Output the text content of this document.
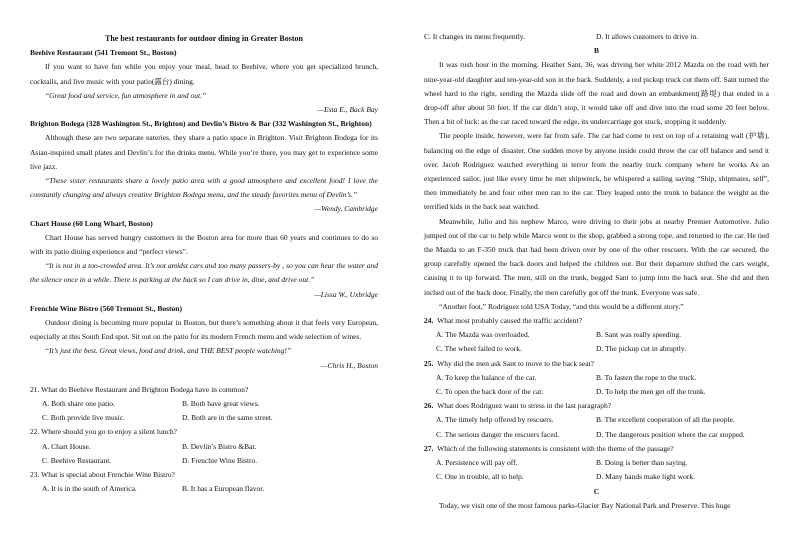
The best restaurants for outdoor dining in Greater Boston

Beehive Restaurant (541 Tremont St., Boston)

If you want to have fun while you enjoy your meal, head to Beehive, where you get specialized brunch, cocktails, and live music with your patio(露台) dining.

“Great food and service, fun atmosphere in and out.”

—Esta E., Back Bay

Brighton Bodega (328 Washington St., Brighton) and Devlin’s Bistro & Bar (332 Washington St., Brighton)

Although these are two separate eateries, they share a patio space in Brighton. Visit Brighton Bodega for its Asian-inspired small plates and Devlin’s for the drinks menu. While you’re there, you may get to experience some live jazz.

“These sister restaurants share a lovely patio area with a good atmosphere and excellent food! I love the constantly changing and always creative Brighton Bodega menu, and the steady favorites menu of Devlin’s.”

—Wendy, Cambridge

Chart House (60 Long Wharf, Boston)

Chart House has served hungry customers in the Boston area for more than 60 years and continues to do so with its patio dining experience and “perfect views”.

“It is not in a too-crowded area. It’s not amidst cars and too many passers-by , so you can hear the water and the silence once in a while. There is parking at the back so I can drive in, dine, and drive out.”

—Lissa W., Uxbridge

Frenchie Wine Bistro (560 Tremont St., Boston)

Outdoor dining is becoming more popular in Boston, but there’s something about it that feels very European, especially at this South End spot. Sit out on the patio for its modern French menu and wide selection of wines.

“It’s just the best. Great views, food and drink, and THE BEST people watching!”

—Chris H., Boston

21. What do Beehive Restaurant and Brighton Bodega have in common?

A. Both share one patio.	B. Both have great views.
C. Both provide live music.	D. Both are in the same street.

22. Where should you go to enjoy a silent lunch?

A. Chart House.	B. Devlin’s Bistro &Bar.
C. Beehive Restaurant.	D. Frenchie Wine Bistro.

23. What is special about Frenchie Wine Bistro?

A. It is in the south of America.	B. It has a European flavor.
C. It changes its menu frequently.	D. It allows customers to drive in.

B

It was rush hour in the morning. Heather Sant, 36, was driving her white 2012 Mazda on the road with her nine-year-old daughter and ten-year-old son in the back. Suddenly, a red pickup truck cut them off. Sant turned the wheel hard to the right, sending the Mazda slide off the road and down an embankment(路堤) that ended in a drop-off after about 50 feet. If the car didn’t stop, it would take off and dive into the road some 20 feet below. Then a bit of luck: as the car raced toward the edge, its undercarriage got stuck, stopping it suddenly.

The people inside, however, were far from safe. The car had come to rest on top of a retaining wall (护墙), balancing on the edge of disaster. One sudden move by anyone inside could throw the car off balance and send it over. Jacob Rodriguez watched everything in terror from the nearby truck company where he works As an experienced sailor, just like every time he met shipwreck, he whispered a sailing saying “Ship, shipmates, self”, then immediately he and four other men ran to the car. They leaped onto the trunk to balance the weight as the terrified kids in the back seat watched.

Meanwhile, Julio and his nephew Marco, were driving to their jobs at nearby Premier Automotive. Julio jumped out of the car to help while Marco went to the shop, grabbed a strong rope, and returned to the car. He tied the Mazda to an F-350 truck that had been driven over by one of the other rescuers. With the car secured, the group carefully opened the back doors and helped the children out. But their departure shifted the cars weight, causing it to tip forward. The men, still on the trunk, begged Sant to jump into the back seat. She did and then inched out of the back door. Finally, the men carefully got off the trunk. Everyone was safe.

“Another foot,” Rodriguez told USA Today, “and this would be a different story.”

24. What most probably caused the traffic accident?

A. The Mazda was overloaded.	B. Sant was really speeding.
C. The wheel failed to work.	D. The pickup cut in abruptly.

25. Why did the men ask Sant to move to the back seat?

A. To keep the balance of the car.	B. To fasten the rope to the truck.
C. To open the back door of the car.	D. To help the men get off the trunk.

26. What does Rodriguez want to stress in the last paragraph?

A. The timely help offered by rescuers.	B. The excellent cooperation of all the people.
C. The serious danger the rescuers faced.	D. The dangerous position where the car stopped.

27. Which of the following statements is consistent with the theme of the passage?

A. Persistence will pay off.	B. Doing is better than saying.
C. One in trouble, all to help.	D. Many hands make light work.

C

Today, we visit one of the most famous parks-Glacier Bay National Park and Preserve. This huge
